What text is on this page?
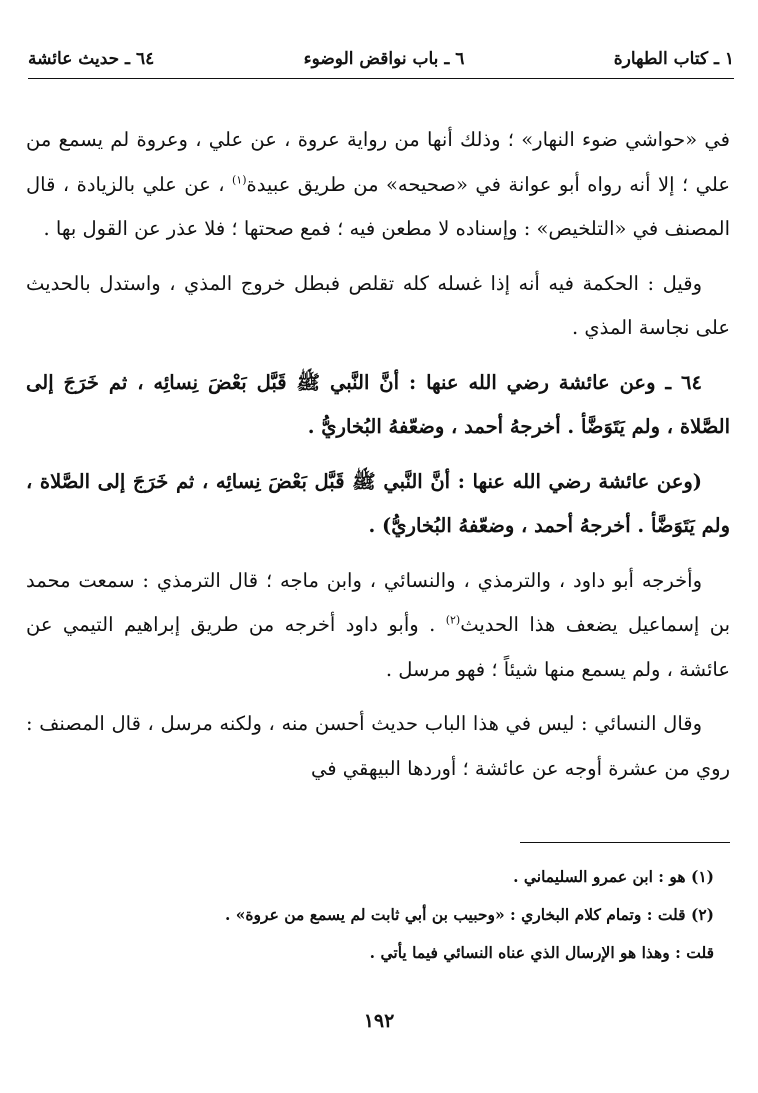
١ ـ كتاب الطهارة
٦ ـ باب نواقض الوضوء
٦٤ ـ حديث عائشة

في «حواشي ضوء النهار» ؛ وذلك أنها من رواية عروة ، عن علي ، وعروة لم يسمع من علي ؛ إلا أنه رواه أبو عوانة في «صحيحه» من طريق عبيدة$^{(١)}$ ، عن علي بالزيادة ، قال المصنف في «التلخيص» : وإسناده لا مطعن فيه ؛ فمع صحتها ؛ فلا عذر عن القول بها .

وقيل : الحكمة فيه أنه إذا غسله كله تقلص فبطل خروج المذي ، واستدل بالحديث على نجاسة المذي .

٦٤ ـ وعن عائشة رضي الله عنها : أنَّ النَّبي ﷺ قَبَّل بَعْضَ نِسائِه ، ثم خَرَجَ إلى الصَّلاة ، ولم يَتَوَضَّأ . أخرجهُ أحمد ، وضعّفهُ البُخاريُّ .

(وعن عائشة رضي الله عنها : أنَّ النَّبي ﷺ قَبَّل بَعْضَ نِسائِه ، ثم خَرَجَ إلى الصَّلاة ، ولم يَتَوَضَّأ . أخرجهُ أحمد ، وضعّفهُ البُخاريُّ) .

وأخرجه أبو داود ، والترمذي ، والنسائي ، وابن ماجه ؛ قال الترمذي : سمعت محمد بن إسماعيل يضعف هذا الحديث$^{(٢)}$ . وأبو داود أخرجه من طريق إبراهيم التيمي عن عائشة ، ولم يسمع منها شيئاً ؛ فهو مرسل .

وقال النسائي : ليس في هذا الباب حديث أحسن منه ، ولكنه مرسل ، قال المصنف : روي من عشرة أوجه عن عائشة ؛ أوردها البيهقي في

(١) هو : ابن عمرو السليماني .
(٢) قلت : وتمام كلام البخاري : «وحبيب بن أبي ثابت لم يسمع من عروة» .
قلت : وهذا هو الإرسال الذي عناه النسائي فيما يأتي .
١٩٢
